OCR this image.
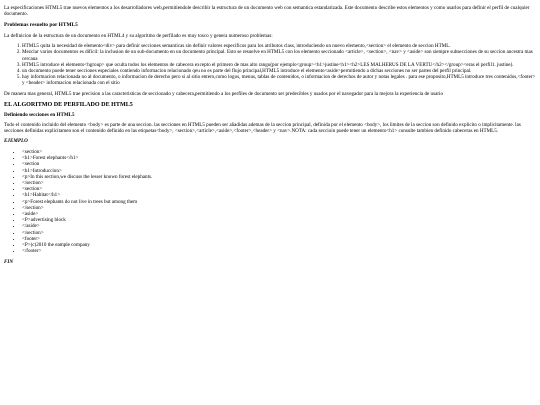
La especificaciones HTML5 trae nuevos elementos a los desarrolladores web,permitiendole describir la estructura de un documento web con semantica estandarizada. Este documento describe estos elementos y como usarlos para definir el perfil de cualquier documento.

Problemas resuelto por HTML5

La definicion de la estructura de un documento en HTML4 y su algoritmo de perfilado es muy tosco y genera numeroso problemas:

1. HTML5 quita la necesidad de elemento<div> para definir secciones semanticas sin definir valores especificos para los atributos class, introduciendo un nuevo elemento,<section> el elemento de seccion HTML.
2. Mezclar varios documentos es dificil: la inclusion de un sub-documento en un documento principal. Esto se resuelve en HTML5 con los elemento seccionado <article>, <section>, <nav> y <aside> son siempre subsecciones de su seccion ancestra mas cercana
3. HTML5 introduce el elemento<hgroup> que oculta todos los elementos de cabecera excepto el primero de mas alto rango(por ejemplo<group><h1>justine<h1><h2>LES MALHERUS DE LA VERTU</h2></group><eras el perfil1. justine).
4. un documento puede tener secciones especiales contiendo informacion relacionado qeu no es parte del flujo principal,HTML5 introduce el elemento<aside>permitiendo a dichas secciones no ser partes del perfil principal.
5. hay informacion relacionada no al documento, o informacion de derecho pero si al sitio entero,como logos, menus, tablas de contenidos, o informacion de derechos de autor y notas legales . para ese proposito,HTML5 introduce tres contenidos,<footer> y <header> informacion relacionada con el sitio

De manera mas general, HTML5 trae precision a las caracteristicas de seccionado y cabecera,permitiendo a los perfiles de documento ser predecibles y usados por el navegador para la mejora la experiencia de usario

EL ALGORITMO DE PERFILADO DE HTML5
Definiendo secciones en HTML5

Todo el contenido incluido del elemento <body> es parte de una seccion. las secciones en HTML5 pueden ser añadidas ademas de la seccion principal, definida por el elemento <body>, los limites de la seccion son definido explicito o implicitamente. las secciones definidas explicitamen son el contenido definido en las etiquetas<body>, <section>,<article>,<aside>,<footer>,<header> y <nav>.NOTA: cada seccioin puede tener un elemento<h1> consulte tambien definido cabeceras en HTML5.

EJEMPLO
• <section>
• <h1>Forest elephants</h1>
• <section
• <h1>Introduccion>
• <p>In this section,we discuss the lesser known forest elephants.
• </section>
• <section>
• <h1>Habitat</h1>
• <p>Forest elephants do not live in trees but among them
• </section>
• <aside>
• <P>advertising block
• </aside>
• </section>
• <footer>
• <P>(c)2010 the eample company
• </footer>
FIN
